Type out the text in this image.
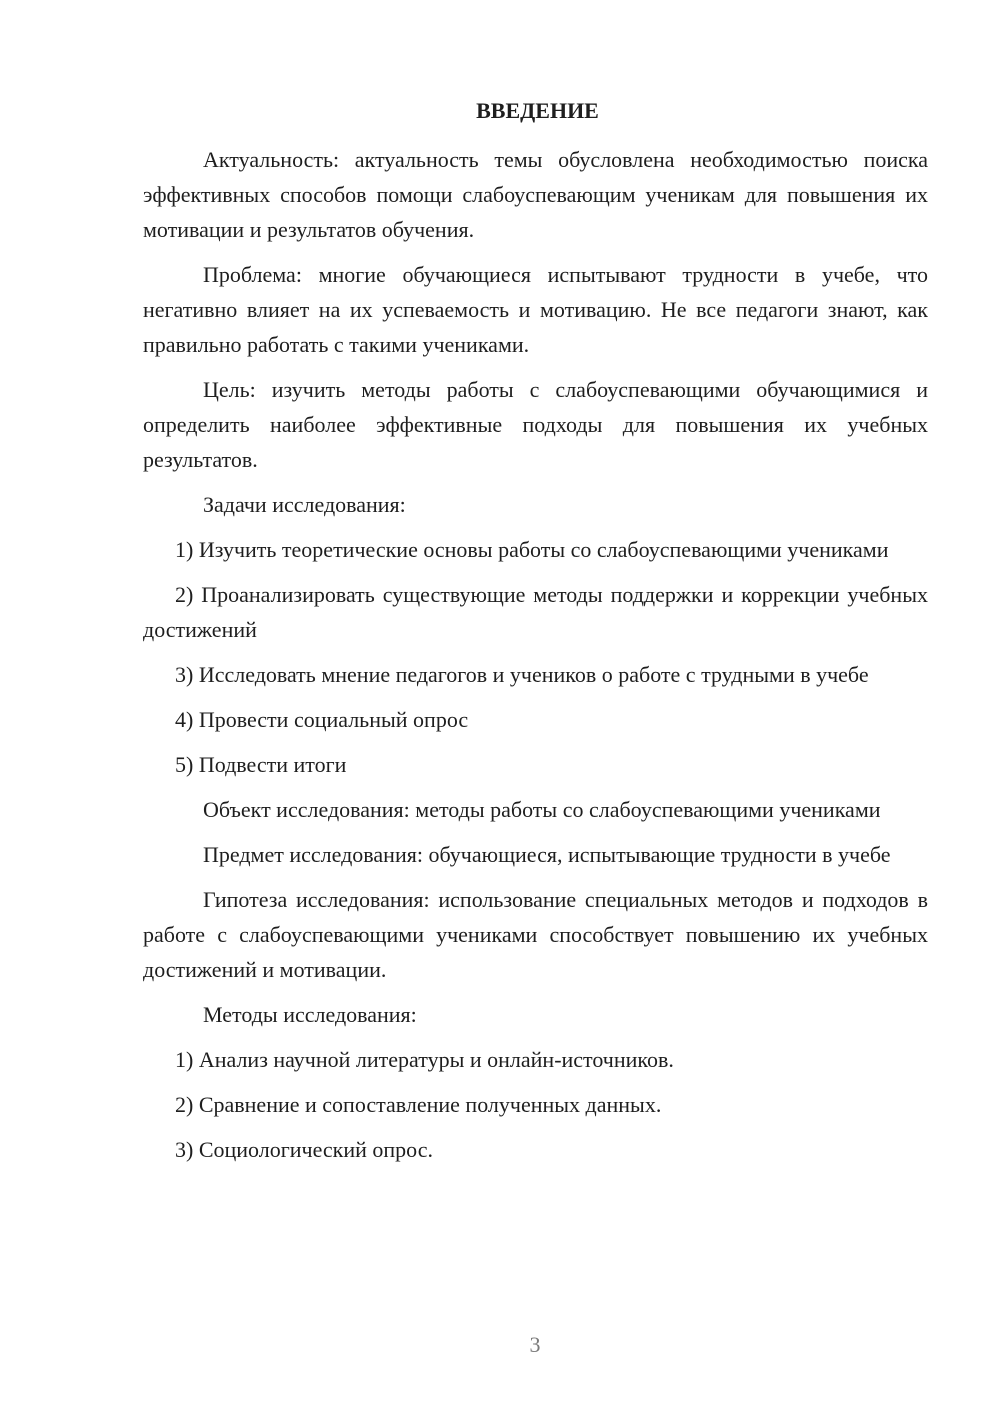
ВВЕДЕНИЕ

Актуальность: актуальность темы обусловлена необходимостью поиска эффективных способов помощи слабоуспевающим ученикам для повышения их мотивации и результатов обучения.

Проблема: многие обучающиеся испытывают трудности в учебе, что негативно влияет на их успеваемость и мотивацию. Не все педагоги знают, как правильно работать с такими учениками.

Цель: изучить методы работы с слабоуспевающими обучающимися и определить наиболее эффективные подходы для повышения их учебных результатов.

Задачи исследования:

1) Изучить теоретические основы работы со слабоуспевающими учениками

2) Проанализировать существующие методы поддержки и коррекции учебных достижений

3) Исследовать мнение педагогов и учеников о работе с трудными в учебе

4) Провести социальный опрос

5) Подвести итоги

Объект исследования: методы работы со слабоуспевающими учениками

Предмет исследования: обучающиеся, испытывающие трудности в учебе

Гипотеза исследования: использование специальных методов и подходов в работе с слабоуспевающими учениками способствует повышению их учебных достижений и мотивации.

Методы исследования:

1) Анализ научной литературы и онлайн-источников.

2) Сравнение и сопоставление полученных данных.

3) Социологический опрос.

3
